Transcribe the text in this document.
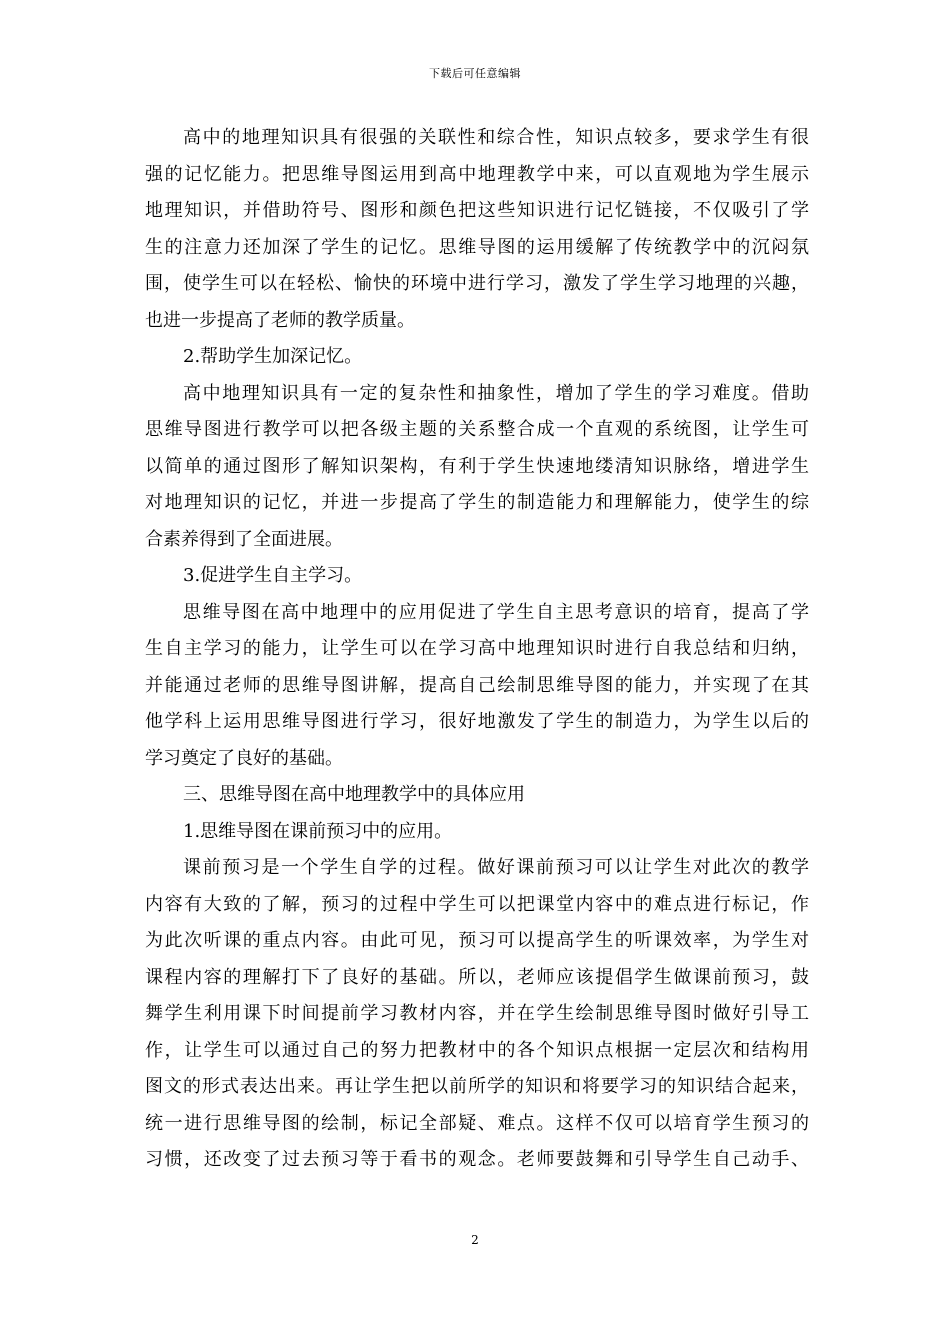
下载后可任意编辑
高中的地理知识具有很强的关联性和综合性，知识点较多，要求学生有很
强的记忆能力。把思维导图运用到高中地理教学中来，可以直观地为学生展示
地理知识，并借助符号、图形和颜色把这些知识进行记忆链接，不仅吸引了学
生的注意力还加深了学生的记忆。思维导图的运用缓解了传统教学中的沉闷氛
围，使学生可以在轻松、愉快的环境中进行学习，激发了学生学习地理的兴趣，
也进一步提高了老师的教学质量。
2.帮助学生加深记忆。
高中地理知识具有一定的复杂性和抽象性，增加了学生的学习难度。借助
思维导图进行教学可以把各级主题的关系整合成一个直观的系统图，让学生可
以简单的通过图形了解知识架构，有利于学生快速地缕清知识脉络，增进学生
对地理知识的记忆，并进一步提高了学生的制造能力和理解能力，使学生的综
合素养得到了全面进展。
3.促进学生自主学习。
思维导图在高中地理中的应用促进了学生自主思考意识的培育，提高了学
生自主学习的能力，让学生可以在学习高中地理知识时进行自我总结和归纳，
并能通过老师的思维导图讲解，提高自己绘制思维导图的能力，并实现了在其
他学科上运用思维导图进行学习，很好地激发了学生的制造力，为学生以后的
学习奠定了良好的基础。
三、思维导图在高中地理教学中的具体应用
1.思维导图在课前预习中的应用。
课前预习是一个学生自学的过程。做好课前预习可以让学生对此次的教学
内容有大致的了解，预习的过程中学生可以把课堂内容中的难点进行标记，作
为此次听课的重点内容。由此可见，预习可以提高学生的听课效率，为学生对
课程内容的理解打下了良好的基础。所以，老师应该提倡学生做课前预习，鼓
舞学生利用课下时间提前学习教材内容，并在学生绘制思维导图时做好引导工
作，让学生可以通过自己的努力把教材中的各个知识点根据一定层次和结构用
图文的形式表达出来。再让学生把以前所学的知识和将要学习的知识结合起来，
统一进行思维导图的绘制，标记全部疑、难点。这样不仅可以培育学生预习的
习惯，还改变了过去预习等于看书的观念。老师要鼓舞和引导学生自己动手、
2
